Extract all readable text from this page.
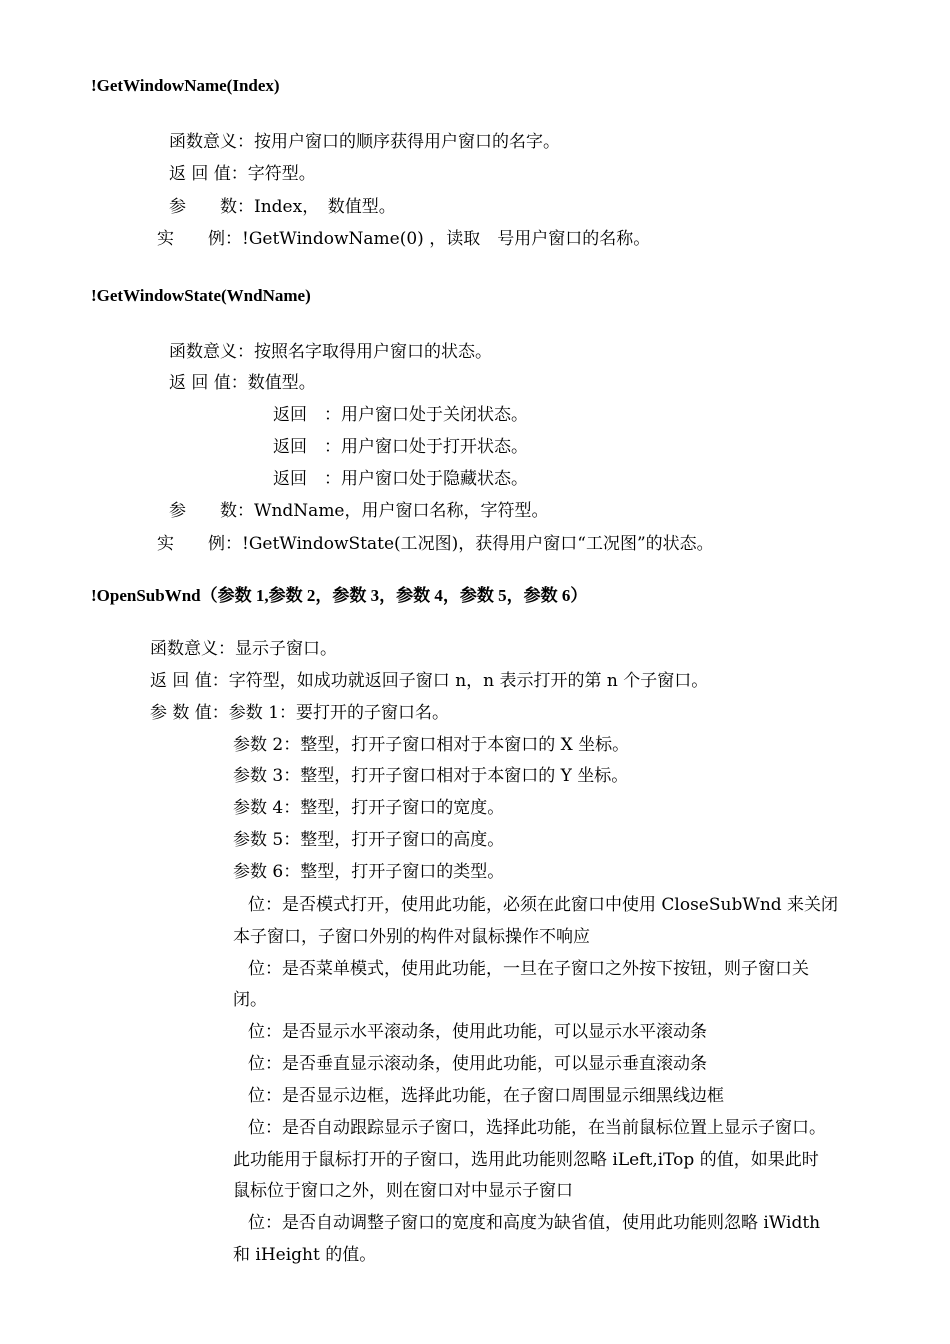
!GetWindowName(Index)
函数意义：按用户窗口的顺序获得用户窗口的名字。
返 回 值：字符型。
参　　数：Index，　数值型。
实　　例：!GetWindowName(0) ，读取　号用户窗口的名称。
!GetWindowState(WndName)
函数意义：按照名字取得用户窗口的状态。
返 回 值：数值型。
返回　：用户窗口处于关闭状态。
返回　：用户窗口处于打开状态。
返回　：用户窗口处于隐藏状态。
参　　数：WndName，用户窗口名称，字符型。
实　　例：!GetWindowState(工况图)，获得用户窗口“工况图”的状态。
!OpenSubWnd（参数 1,参数 2，参数 3，参数 4，参数 5，参数 6）
函数意义：显示子窗口。
返 回 值：字符型，如成功就返回子窗口 n，n 表示打开的第 n 个子窗口。
参 数 值：参数 1：要打开的子窗口名。
参数 2：整型，打开子窗口相对于本窗口的 X 坐标。
参数 3：整型，打开子窗口相对于本窗口的 Y 坐标。
参数 4：整型，打开子窗口的宽度。
参数 5：整型，打开子窗口的高度。
参数 6：整型，打开子窗口的类型。
位：是否模式打开，使用此功能，必须在此窗口中使用 CloseSubWnd 来关闭
本子窗口，子窗口外别的构件对鼠标操作不响应
位：是否菜单模式，使用此功能，一旦在子窗口之外按下按钮，则子窗口关
闭。
位：是否显示水平滚动条，使用此功能，可以显示水平滚动条
位：是否垂直显示滚动条，使用此功能，可以显示垂直滚动条
位：是否显示边框，选择此功能，在子窗口周围显示细黑线边框
位：是否自动跟踪显示子窗口，选择此功能，在当前鼠标位置上显示子窗口。
此功能用于鼠标打开的子窗口，选用此功能则忽略 iLeft,iTop 的值，如果此时
鼠标位于窗口之外，则在窗口对中显示子窗口
位：是否自动调整子窗口的宽度和高度为缺省值，使用此功能则忽略 iWidth
和 iHeight 的值。
